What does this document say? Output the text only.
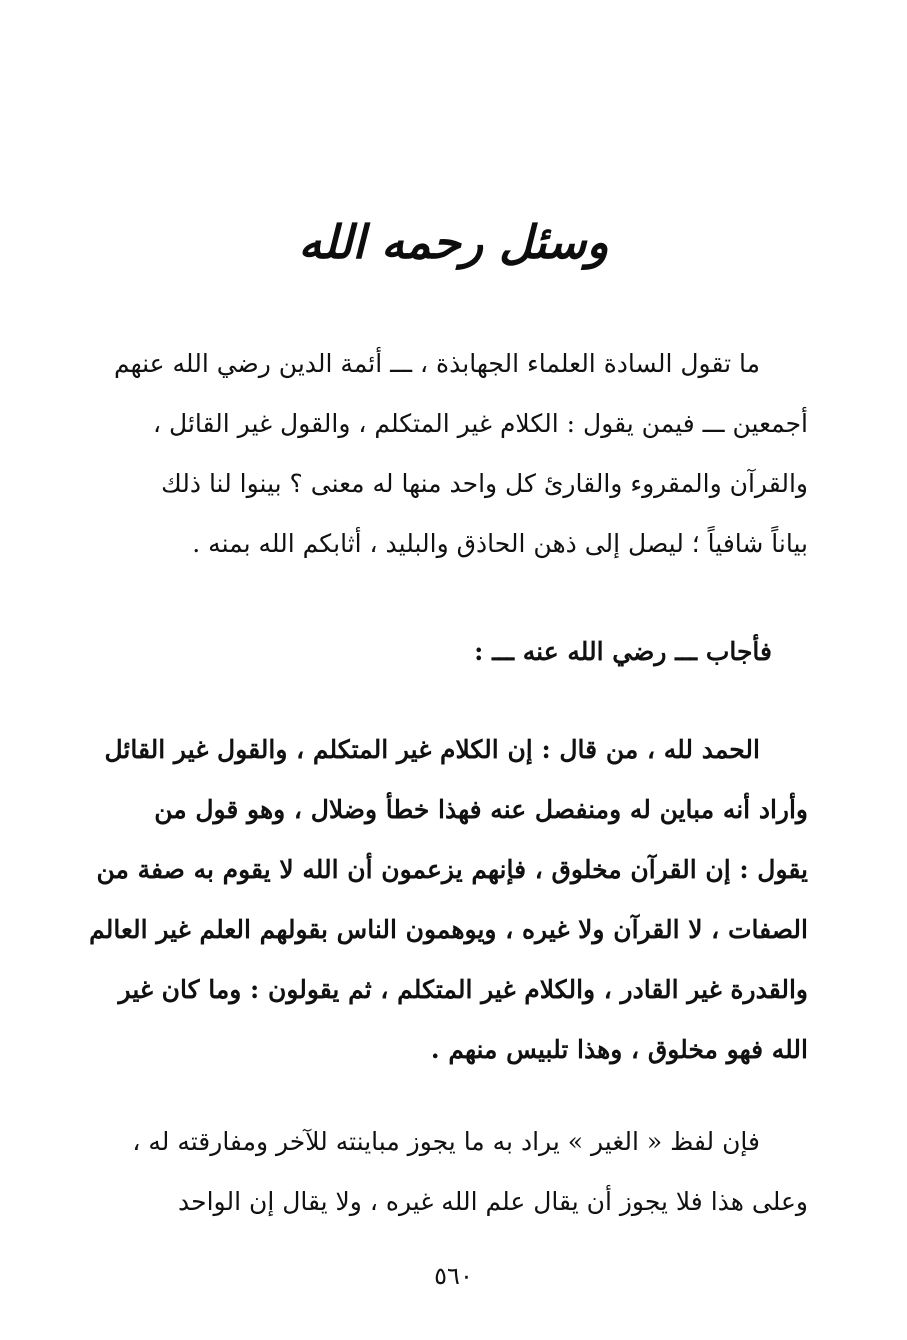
وسئل رحمه الله
ما تقول السادة العلماء الجهابذة ، ـــ أئمة الدين رضي الله عنهم
أجمعين ـــ فيمن يقول : الكلام غير المتكلم ، والقول غير القائل ،
والقرآن والمقروء والقارئ كل واحد منها له معنى ؟ بينوا لنا ذلك
بياناً شافياً ؛ ليصل إلى ذهن الحاذق والبليد ، أثابكم الله بمنه .
فأجاب ـــ رضي الله عنه ـــ :
الحمد لله ، من قال : إن الكلام غير المتكلم ، والقول غير القائل
وأراد أنه مباين له ومنفصل عنه فهذا خطأ وضلال ، وهو قول من
يقول : إن القرآن مخلوق ، فإنهم يزعمون أن الله لا يقوم به صفة من
الصفات ، لا القرآن ولا غيره ، ويوهمون الناس بقولهم العلم غير العالم
والقدرة غير القادر ، والكلام غير المتكلم ، ثم يقولون : وما كان غير
الله فهو مخلوق ، وهذا تلبيس منهم .
فإن لفظ « الغير » يراد به ما يجوز مباينته للآخر ومفارقته له ،
وعلى هذا فلا يجوز أن يقال علم الله غيره ، ولا يقال إن الواحد
٥٦٠
